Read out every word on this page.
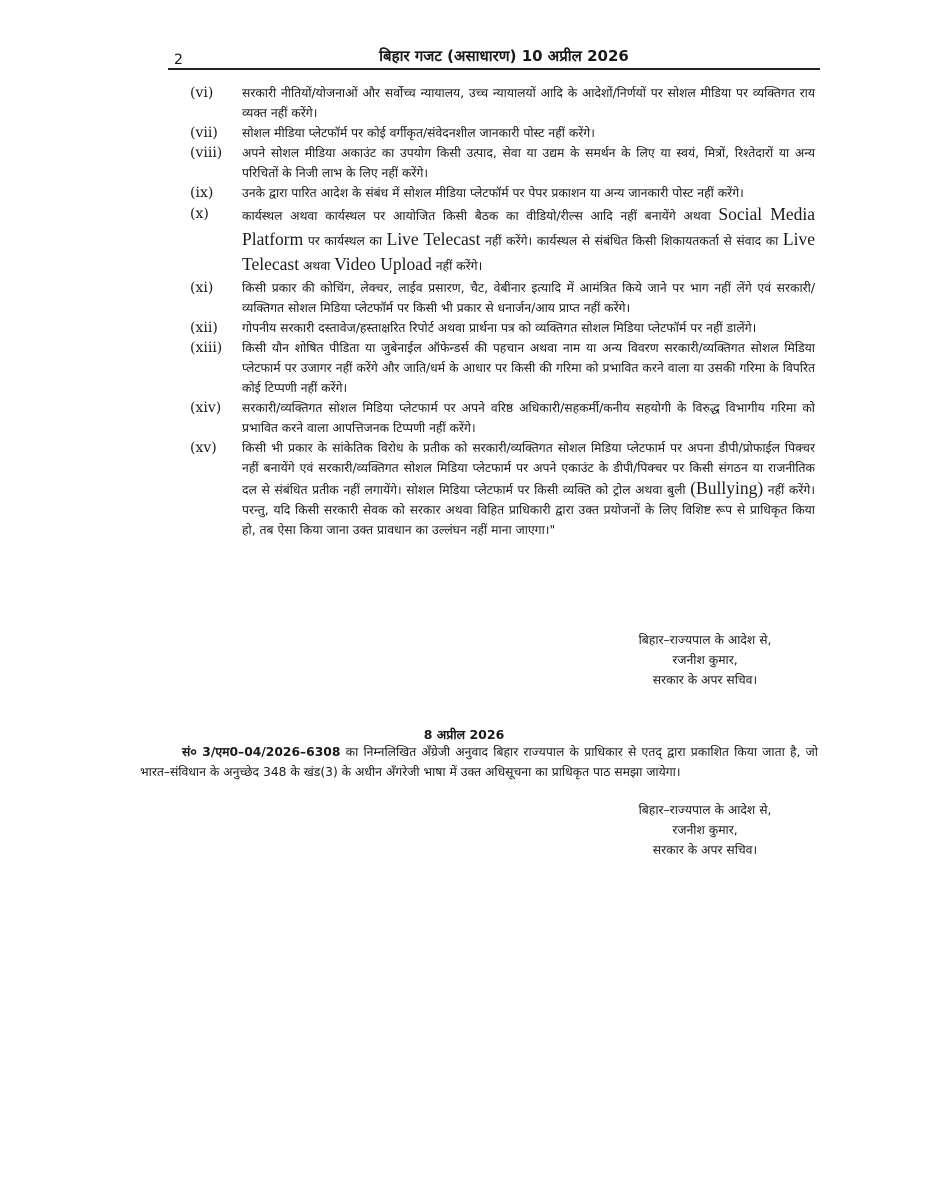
2	बिहार गजट (असाधारण) 10 अप्रील 2026
(vi)	सरकारी नीतियों/योजनाओं और सर्वोच्च न्यायालय, उच्च न्यायालयों आदि के आदेशों/निर्णयों पर सोशल मीडिया पर व्यक्तिगत राय व्यक्त नहीं करेंगे।
(vii)	सोशल मीडिया प्लेटफॉर्म पर कोई वर्गीकृत/संवेदनशील जानकारी पोस्ट नहीं करेंगे।
(viii)	अपने सोशल मीडिया अकाउंट का उपयोग किसी उत्पाद, सेवा या उद्यम के समर्थन के लिए या स्वयं, मित्रों, रिश्तेदारों या अन्य परिचितों के निजी लाभ के लिए नहीं करेंगे।
(ix)	उनके द्वारा पारित आदेश के संबंध में सोशल मीडिया प्लेटफॉर्म पर पेपर प्रकाशन या अन्य जानकारी पोस्ट नहीं करेंगे।
(x)	कार्यस्थल अथवा कार्यस्थल पर आयोजित किसी बैठक का वीडियो/रील्स आदि नहीं बनायेंगे अथवा Social Media Platform पर कार्यस्थल का Live Telecast नहीं करेंगे। कार्यस्थल से संबंधित किसी शिकायतकर्ता से संवाद का Live Telecast अथवा Video Upload नहीं करेंगे।
(xi)	किसी प्रकार की कोचिंग, लेक्चर, लाईव प्रसारण, चैट, वेबीनार इत्यादि में आमंत्रित किये जाने पर भाग नहीं लेंगे एवं सरकारी/व्यक्तिगत सोशल मिडिया प्लेटफॉर्म पर किसी भी प्रकार से धनार्जन/आय प्राप्त नहीं करेंगे।
(xii)	गोपनीय सरकारी दस्तावेज/हस्ताक्षरित रिपोर्ट अथवा प्रार्थना पत्र को व्यक्तिगत सोशल मिडिया प्लेटफॉर्म पर नहीं डालेंगे।
(xiii)	किसी यौन शोषित पीडिता या जुबेनाईल ऑफेन्डर्स की पहचान अथवा नाम या अन्य विवरण सरकारी/व्यक्तिगत सोशल मिडिया प्लेटफार्म पर उजागर नहीं करेंगे और जाति/धर्म के आधार पर किसी की गरिमा को प्रभावित करने वाला या उसकी गरिमा के विपरित कोई टिप्पणी नहीं करेंगे।
(xiv)	सरकारी/व्यक्तिगत सोशल मिडिया प्लेटफार्म पर अपने वरिष्ठ अधिकारी/सहकर्मी/कनीय सहयोगी के विरुद्ध विभागीय गरिमा को प्रभावित करने वाला आपत्तिजनक टिप्पणी नहीं करेंगे।
(xv)	किसी भी प्रकार के सांकेतिक विरोध के प्रतीक को सरकारी/व्यक्तिगत सोशल मिडिया प्लेटफार्म पर अपना डीपी/प्रोफाईल पिक्चर नहीं बनायेंगे एवं सरकारी/व्यक्तिगत सोशल मिडिया प्लेटफार्म पर अपने एकाउंट के डीपी/पिक्चर पर किसी संगठन या राजनीतिक दल से संबंधित प्रतीक नहीं लगायेंगे। सोशल मिडिया प्लेटफार्म पर किसी व्यक्ति को ट्रोल अथवा बुली (Bullying) नहीं करेंगे। परन्तु, यदि किसी सरकारी सेवक को सरकार अथवा विहित प्राधिकारी द्वारा उक्त प्रयोजनों के लिए विशिष्ट रूप से प्राधिकृत किया हो, तब ऐसा किया जाना उक्त प्रावधान का उल्लंघन नहीं माना जाएगा।"
बिहार–राज्यपाल के आदेश से,
रजनीश कुमार,
सरकार के अपर सचिव।
8 अप्रील 2026
सं० 3/एम0–04/2026–6308 का निम्नलिखित अँग्रेजी अनुवाद बिहार राज्यपाल के प्राधिकार से एतद् द्वारा प्रकाशित किया जाता है, जो भारत–संविधान के अनुच्छेद 348 के खंड(3) के अधीन अँगरेजी भाषा में उक्त अधिसूचना का प्राधिकृत पाठ समझा जायेगा।
बिहार–राज्यपाल के आदेश से,
रजनीश कुमार,
सरकार के अपर सचिव।
